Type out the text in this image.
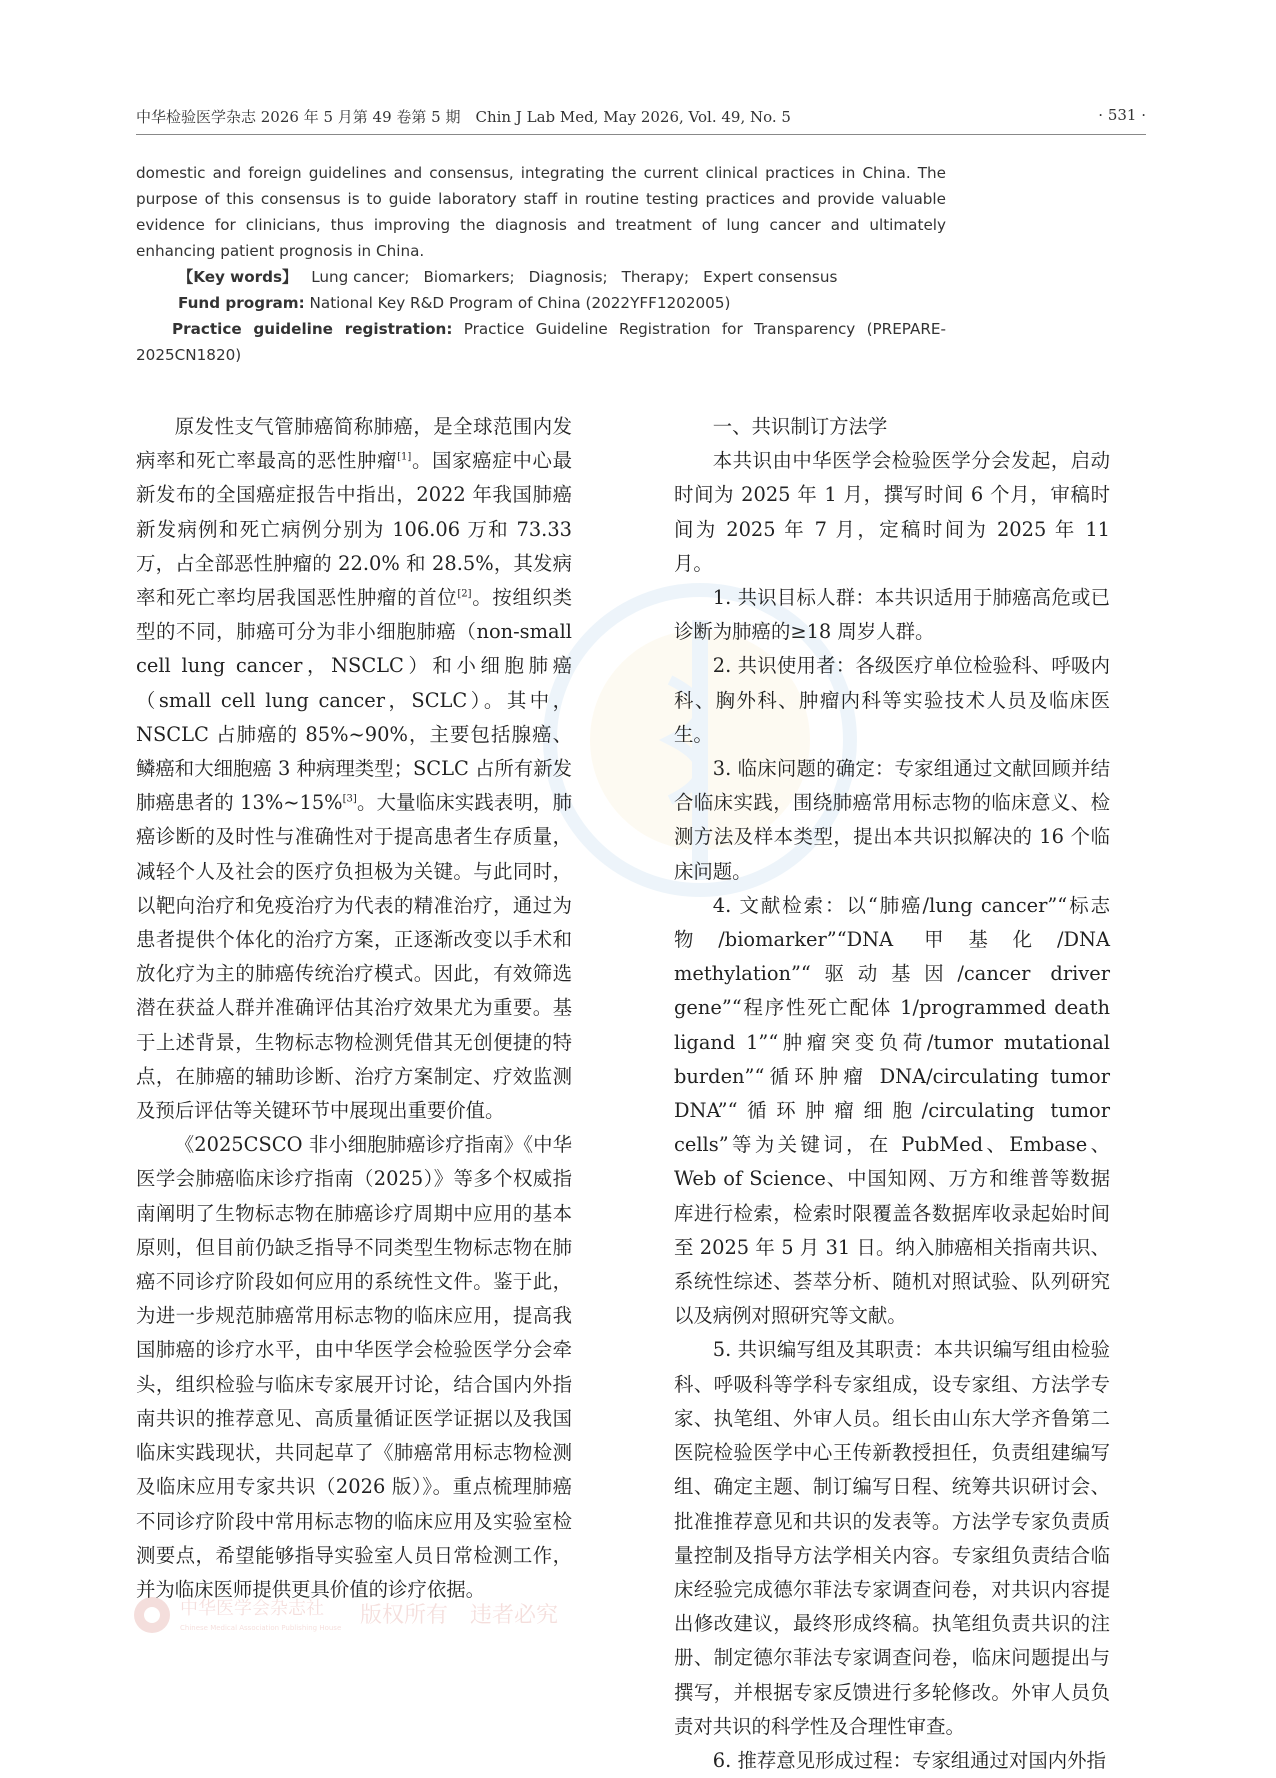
中华检验医学杂志 2026 年 5 月第 49 卷第 5 期　Chin J Lab Med, May 2026, Vol. 49, No. 5	· 531 ·

domestic and foreign guidelines and consensus, integrating the current clinical practices in China. The purpose of this consensus is to guide laboratory staff in routine testing practices and provide valuable evidence for clinicians, thus improving the diagnosis and treatment of lung cancer and ultimately enhancing patient prognosis in China.

【Key words】 Lung cancer; Biomarkers; Diagnosis; Therapy; Expert consensus

Fund program: National Key R&D Program of China (2022YFF1202005)

Practice guideline registration: Practice Guideline Registration for Transparency (PREPARE-2025CN1820)

原发性支气管肺癌简称肺癌，是全球范围内发病率和死亡率最高的恶性肿瘤[1]。国家癌症中心最新发布的全国癌症报告中指出，2022 年我国肺癌新发病例和死亡病例分别为 106.06 万和 73.33 万，占全部恶性肿瘤的 22.0% 和 28.5%，其发病率和死亡率均居我国恶性肿瘤的首位[2]。按组织类型的不同，肺癌可分为非小细胞肺癌（non-small cell lung cancer，NSCLC）和小细胞肺癌（small cell lung cancer，SCLC）。其中，NSCLC 占肺癌的 85%~90%，主要包括腺癌、鳞癌和大细胞癌 3 种病理类型；SCLC 占所有新发肺癌患者的 13%~15%[3]。大量临床实践表明，肺癌诊断的及时性与准确性对于提高患者生存质量，减轻个人及社会的医疗负担极为关键。与此同时，以靶向治疗和免疫治疗为代表的精准治疗，通过为患者提供个体化的治疗方案，正逐渐改变以手术和放化疗为主的肺癌传统治疗模式。因此，有效筛选潜在获益人群并准确评估其治疗效果尤为重要。基于上述背景，生物标志物检测凭借其无创便捷的特点，在肺癌的辅助诊断、治疗方案制定、疗效监测及预后评估等关键环节中展现出重要价值。

《2025CSCO 非小细胞肺癌诊疗指南》《中华医学会肺癌临床诊疗指南（2025）》等多个权威指南阐明了生物标志物在肺癌诊疗周期中应用的基本原则，但目前仍缺乏指导不同类型生物标志物在肺癌不同诊疗阶段如何应用的系统性文件。鉴于此，为进一步规范肺癌常用标志物的临床应用，提高我国肺癌的诊疗水平，由中华医学会检验医学分会牵头，组织检验与临床专家展开讨论，结合国内外指南共识的推荐意见、高质量循证医学证据以及我国临床实践现状，共同起草了《肺癌常用标志物检测及临床应用专家共识（2026 版）》。重点梳理肺癌不同诊疗阶段中常用标志物的临床应用及实验室检测要点，希望能够指导实验室人员日常检测工作，并为临床医师提供更具价值的诊疗依据。

一、共识制订方法学

本共识由中华医学会检验医学分会发起，启动时间为 2025 年 1 月，撰写时间 6 个月，审稿时间为 2025 年 7 月，定稿时间为 2025 年 11 月。

1. 共识目标人群：本共识适用于肺癌高危或已诊断为肺癌的≥18 周岁人群。

2. 共识使用者：各级医疗单位检验科、呼吸内科、胸外科、肿瘤内科等实验技术人员及临床医生。

3. 临床问题的确定：专家组通过文献回顾并结合临床实践，围绕肺癌常用标志物的临床意义、检测方法及样本类型，提出本共识拟解决的 16 个临床问题。

4. 文献检索：以“肺癌/lung cancer”“标志物/biomarker”“DNA 甲基化/DNA methylation”“驱动基因/cancer driver gene”“程序性死亡配体 1/programmed death ligand 1”“肿瘤突变负荷/tumor mutational burden”“循环肿瘤 DNA/circulating tumor DNA”“循环肿瘤细胞/circulating tumor cells”等为关键词，在 PubMed、Embase、Web of Science、中国知网、万方和维普等数据库进行检索，检索时限覆盖各数据库收录起始时间至 2025 年 5 月 31 日。纳入肺癌相关指南共识、系统性综述、荟萃分析、随机对照试验、队列研究以及病例对照研究等文献。

5. 共识编写组及其职责：本共识编写组由检验科、呼吸科等学科专家组成，设专家组、方法学专家、执笔组、外审人员。组长由山东大学齐鲁第二医院检验医学中心王传新教授担任，负责组建编写组、确定主题、制订编写日程、统筹共识研讨会、批准推荐意见和共识的发表等。方法学专家负责质量控制及指导方法学相关内容。专家组负责结合临床经验完成德尔菲法专家调查问卷，对共识内容提出修改建议，最终形成终稿。执笔组负责共识的注册、制定德尔菲法专家调查问卷，临床问题提出与撰写，并根据专家反馈进行多轮修改。外审人员负责对共识的科学性及合理性审查。

6. 推荐意见形成过程：专家组通过对国内外指

中华医学会杂志社
Chinese Medical Association Publishing House 版权所有　违者必究
